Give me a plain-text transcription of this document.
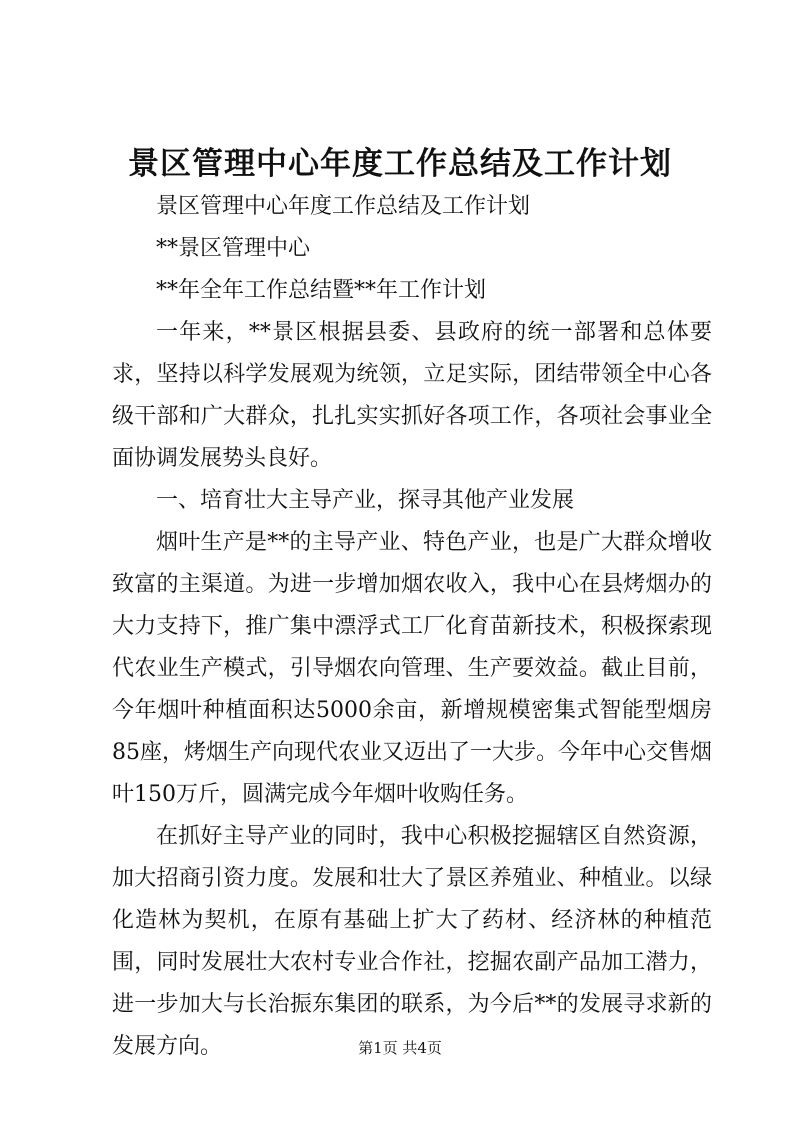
景区管理中心年度工作总结及工作计划

景区管理中心年度工作总结及工作计划

**景区管理中心

**年全年工作总结暨**年工作计划

一年来，**景区根据县委、县政府的统一部署和总体要求，坚持以科学发展观为统领，立足实际，团结带领全中心各级干部和广大群众，扎扎实实抓好各项工作，各项社会事业全面协调发展势头良好。

一、培育壮大主导产业，探寻其他产业发展

烟叶生产是**的主导产业、特色产业，也是广大群众增收致富的主渠道。为进一步增加烟农收入，我中心在县烤烟办的大力支持下，推广集中漂浮式工厂化育苗新技术，积极探索现代农业生产模式，引导烟农向管理、生产要效益。截止目前，今年烟叶种植面积达5000余亩，新增规模密集式智能型烟房85座，烤烟生产向现代农业又迈出了一大步。今年中心交售烟叶150万斤，圆满完成今年烟叶收购任务。

在抓好主导产业的同时，我中心积极挖掘辖区自然资源，加大招商引资力度。发展和壮大了景区养殖业、种植业。以绿化造林为契机，在原有基础上扩大了药材、经济林的种植范围，同时发展壮大农村专业合作社，挖掘农副产品加工潜力，进一步加大与长治振东集团的联系，为今后**的发展寻求新的发展方向。	第1页 共4页
